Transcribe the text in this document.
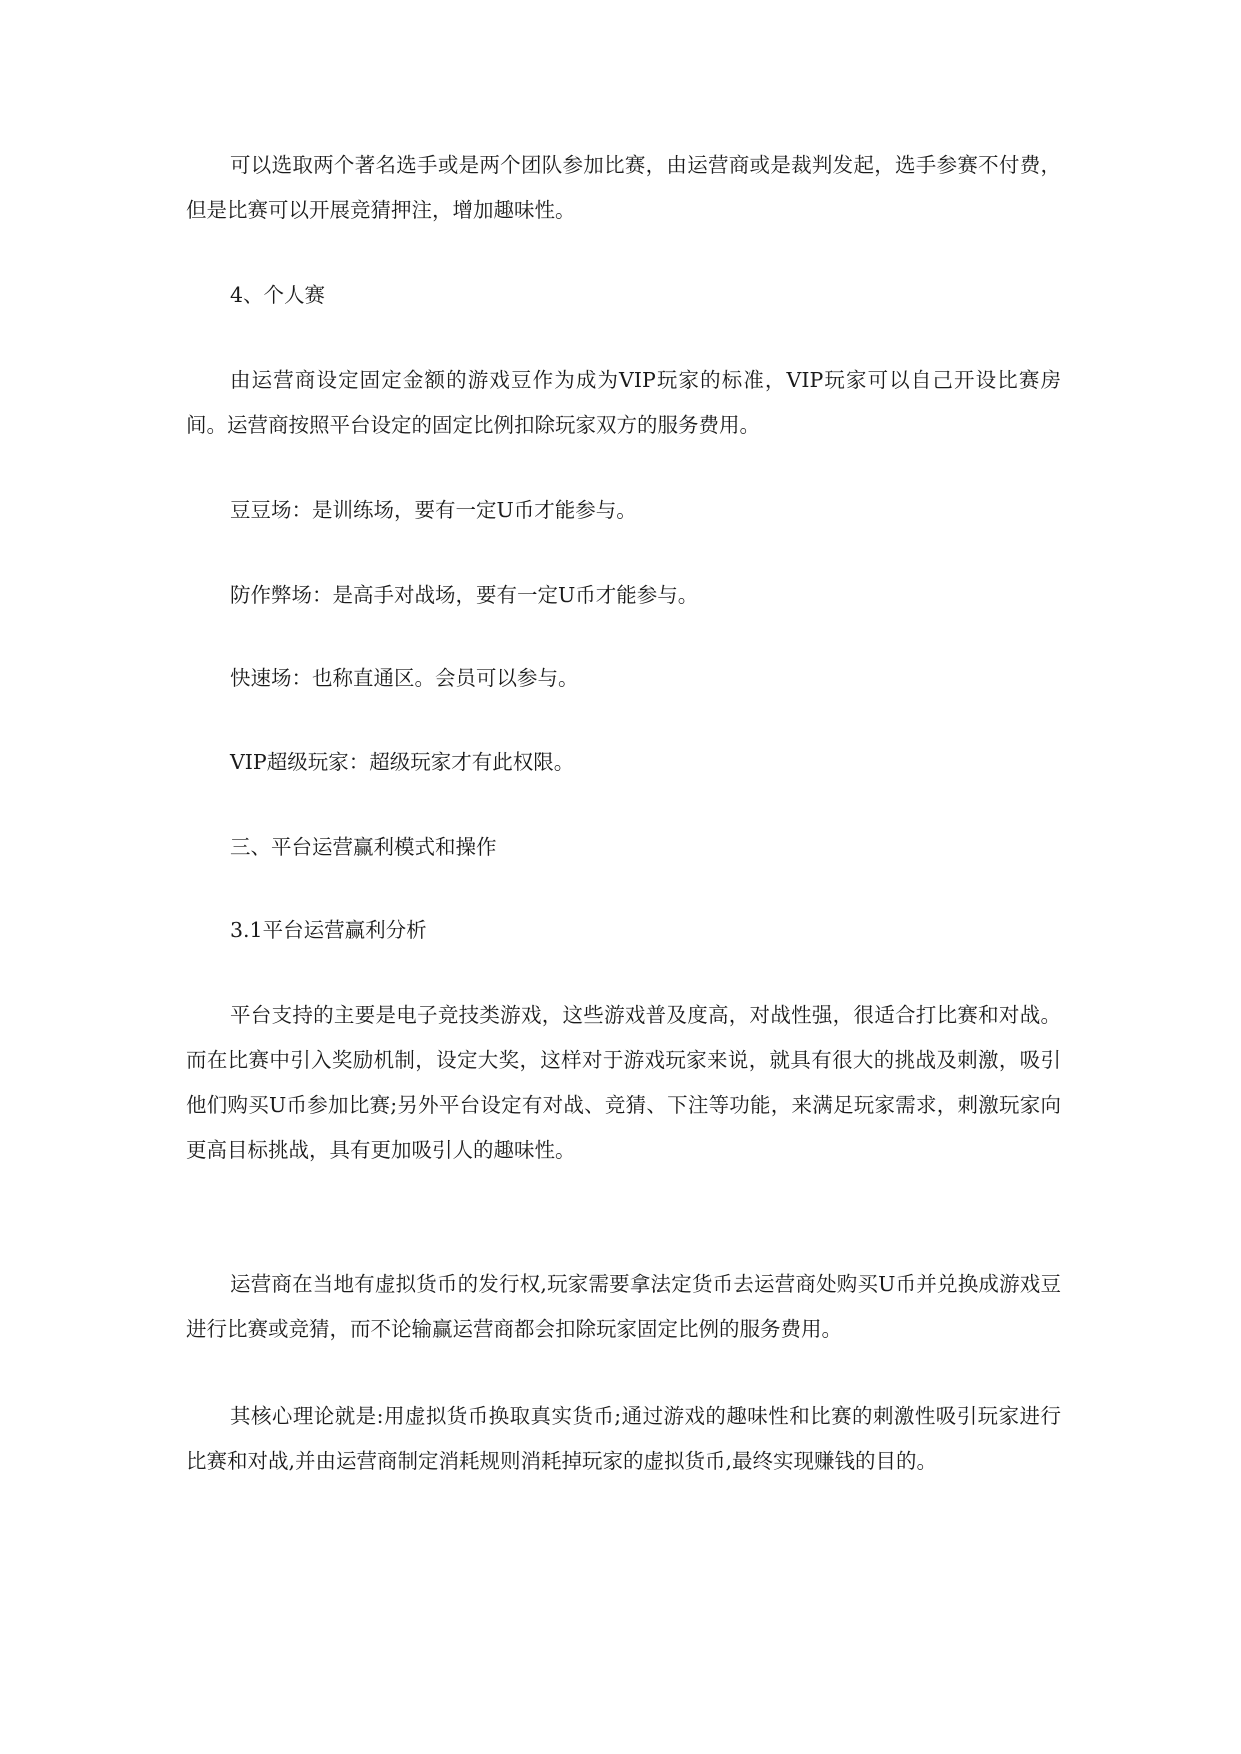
可以选取两个著名选手或是两个团队参加比赛，由运营商或是裁判发起，选手参赛不付费，但是比赛可以开展竞猜押注，增加趣味性。

4、个人赛

由运营商设定固定金额的游戏豆作为成为VIP玩家的标准，VIP玩家可以自己开设比赛房间。运营商按照平台设定的固定比例扣除玩家双方的服务费用。

豆豆场：是训练场，要有一定U币才能参与。

防作弊场：是高手对战场，要有一定U币才能参与。

快速场：也称直通区。会员可以参与。

VIP超级玩家：超级玩家才有此权限。

三、平台运营赢利模式和操作

3.1平台运营赢利分析

平台支持的主要是电子竞技类游戏，这些游戏普及度高，对战性强，很适合打比赛和对战。而在比赛中引入奖励机制，设定大奖，这样对于游戏玩家来说，就具有很大的挑战及刺激，吸引他们购买U币参加比赛;另外平台设定有对战、竞猜、下注等功能，来满足玩家需求，刺激玩家向更高目标挑战，具有更加吸引人的趣味性。

运营商在当地有虚拟货币的发行权,玩家需要拿法定货币去运营商处购买U币并兑换成游戏豆进行比赛或竞猜，而不论输赢运营商都会扣除玩家固定比例的服务费用。

其核心理论就是:用虚拟货币换取真实货币;通过游戏的趣味性和比赛的刺激性吸引玩家进行比赛和对战,并由运营商制定消耗规则消耗掉玩家的虚拟货币,最终实现赚钱的目的。
